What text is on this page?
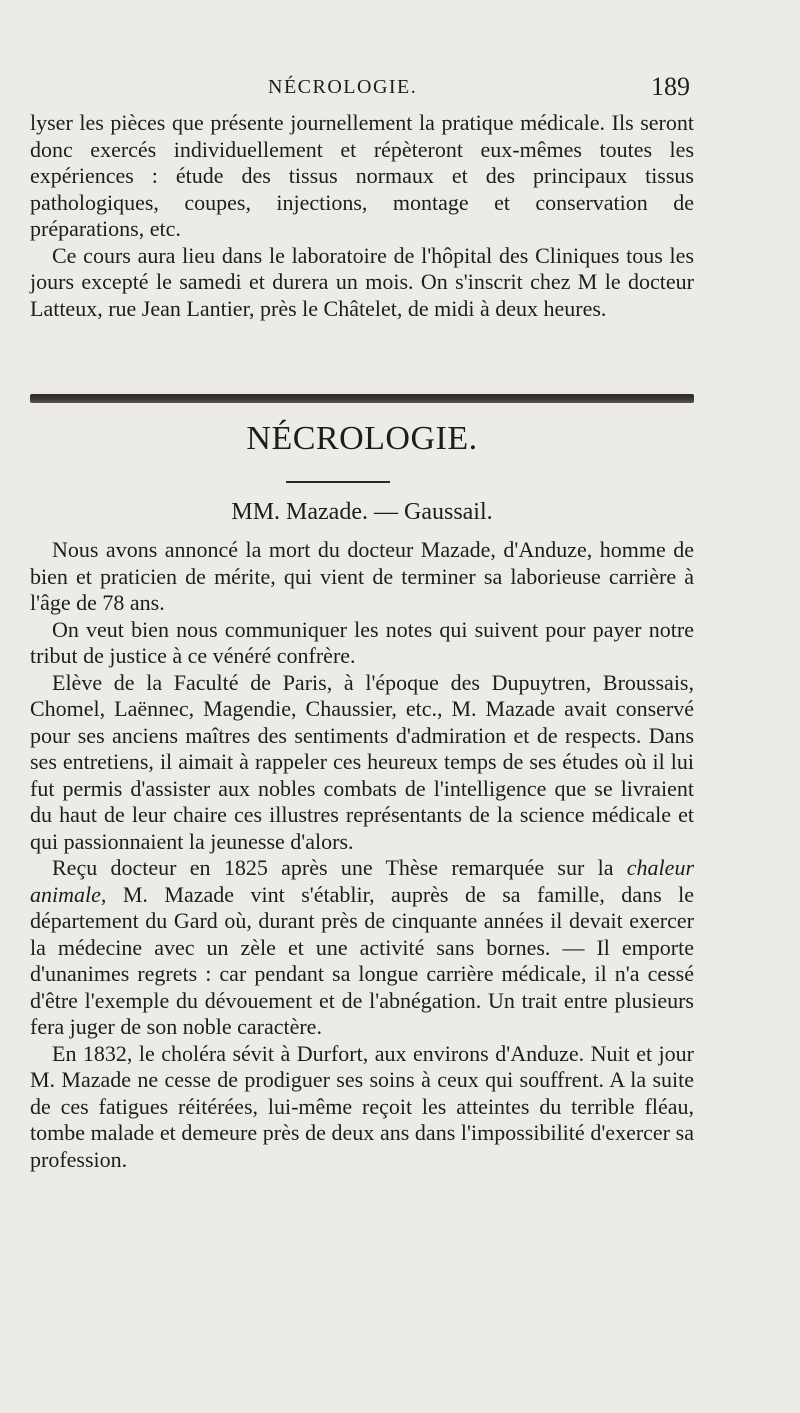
NÉCROLOGIE.	189

lyser les pièces que présente journellement la pratique médicale. Ils seront donc exercés individuellement et répèteront eux-mêmes toutes les expériences : étude des tissus normaux et des principaux tissus pathologiques, coupes, injections, montage et conservation de préparations, etc.

Ce cours aura lieu dans le laboratoire de l'hôpital des Cliniques tous les jours excepté le samedi et durera un mois. On s'inscrit chez M le docteur Latteux, rue Jean Lantier, près le Châtelet, de midi à deux heures.

NÉCROLOGIE.
MM. Mazade. — Gaussail.

Nous avons annoncé la mort du docteur Mazade, d'Anduze, homme de bien et praticien de mérite, qui vient de terminer sa laborieuse carrière à l'âge de 78 ans.

On veut bien nous communiquer les notes qui suivent pour payer notre tribut de justice à ce vénéré confrère.

Elève de la Faculté de Paris, à l'époque des Dupuytren, Broussais, Chomel, Laënnec, Magendie, Chaussier, etc., M. Mazade avait conservé pour ses anciens maîtres des sentiments d'admiration et de respects. Dans ses entretiens, il aimait à rappeler ces heureux temps de ses études où il lui fut permis d'assister aux nobles combats de l'intelligence que se livraient du haut de leur chaire ces illustres représentants de la science médicale et qui passionnaient la jeunesse d'alors.

Reçu docteur en 1825 après une Thèse remarquée sur la chaleur animale, M. Mazade vint s'établir, auprès de sa famille, dans le département du Gard où, durant près de cinquante années il devait exercer la médecine avec un zèle et une activité sans bornes. — Il emporte d'unanimes regrets : car pendant sa longue carrière médicale, il n'a cessé d'être l'exemple du dévouement et de l'abnégation. Un trait entre plusieurs fera juger de son noble caractère.

En 1832, le choléra sévit à Durfort, aux environs d'Anduze. Nuit et jour M. Mazade ne cesse de prodiguer ses soins à ceux qui souffrent. A la suite de ces fatigues réitérées, lui-même reçoit les atteintes du terrible fléau, tombe malade et demeure près de deux ans dans l'impossibilité d'exercer sa profession.
